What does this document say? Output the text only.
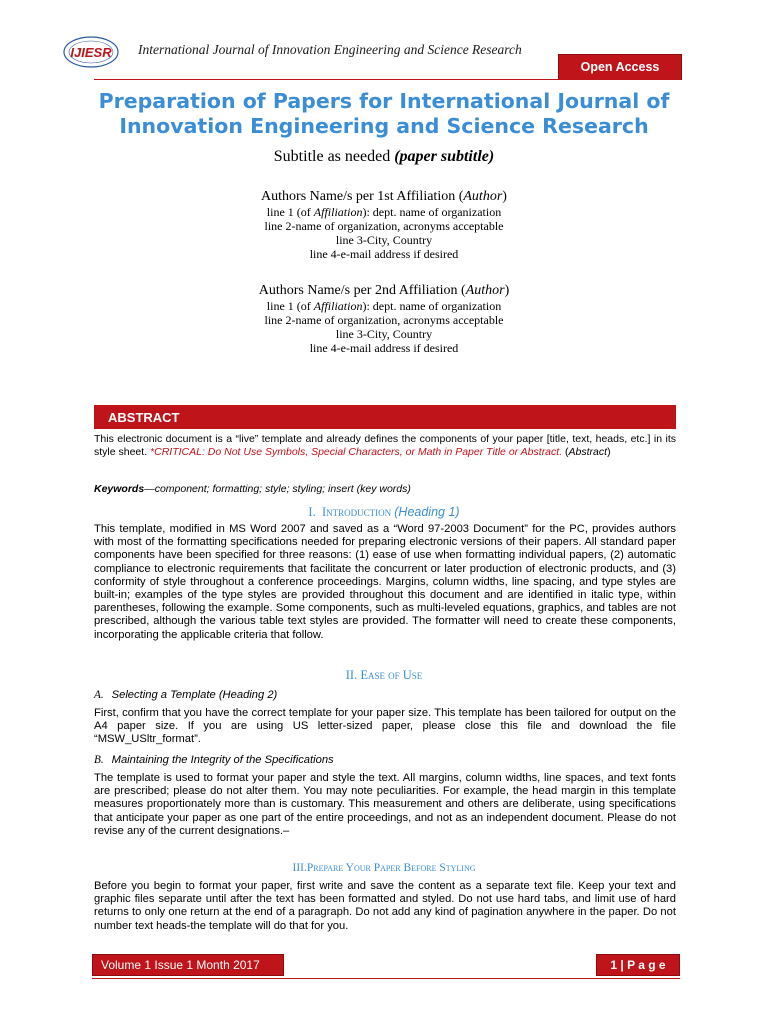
IJIESR International Journal of Innovation Engineering and Science Research
Open Access
Preparation of Papers for International Journal of Innovation Engineering and Science Research
Subtitle as needed (paper subtitle)
Authors Name/s per 1st Affiliation (Author)
line 1 (of Affiliation): dept. name of organization
line 2-name of organization, acronyms acceptable
line 3-City, Country
line 4-e-mail address if desired
Authors Name/s per 2nd Affiliation (Author)
line 1 (of Affiliation): dept. name of organization
line 2-name of organization, acronyms acceptable
line 3-City, Country
line 4-e-mail address if desired
ABSTRACT
This electronic document is a “live” template and already defines the components of your paper [title, text, heads, etc.] in its style sheet. *CRITICAL: Do Not Use Symbols, Special Characters, or Math in Paper Title or Abstract. (Abstract)
Keywords—component; formatting; style; styling; insert (key words)
I. Introduction (Heading 1)
This template, modified in MS Word 2007 and saved as a “Word 97-2003 Document” for the PC, provides authors with most of the formatting specifications needed for preparing electronic versions of their papers. All standard paper components have been specified for three reasons: (1) ease of use when formatting individual papers, (2) automatic compliance to electronic requirements that facilitate the concurrent or later production of electronic products, and (3) conformity of style throughout a conference proceedings. Margins, column widths, line spacing, and type styles are built-in; examples of the type styles are provided throughout this document and are identified in italic type, within parentheses, following the example. Some components, such as multi-leveled equations, graphics, and tables are not prescribed, although the various table text styles are provided. The formatter will need to create these components, incorporating the applicable criteria that follow.
II. Ease of Use
A. Selecting a Template (Heading 2)
First, confirm that you have the correct template for your paper size. This template has been tailored for output on the A4 paper size. If you are using US letter-sized paper, please close this file and download the file “MSW_USltr_format”.
B. Maintaining the Integrity of the Specifications
The template is used to format your paper and style the text. All margins, column widths, line spaces, and text fonts are prescribed; please do not alter them. You may note peculiarities. For example, the head margin in this template measures proportionately more than is customary. This measurement and others are deliberate, using specifications that anticipate your paper as one part of the entire proceedings, and not as an independent document. Please do not revise any of the current designations.–
III.Prepare Your Paper Before Styling
Before you begin to format your paper, first write and save the content as a separate text file. Keep your text and graphic files separate until after the text has been formatted and styled. Do not use hard tabs, and limit use of hard returns to only one return at the end of a paragraph. Do not add any kind of pagination anywhere in the paper. Do not number text heads-the template will do that for you.
Volume 1 Issue 1 Month 2017	1 | P a g e
